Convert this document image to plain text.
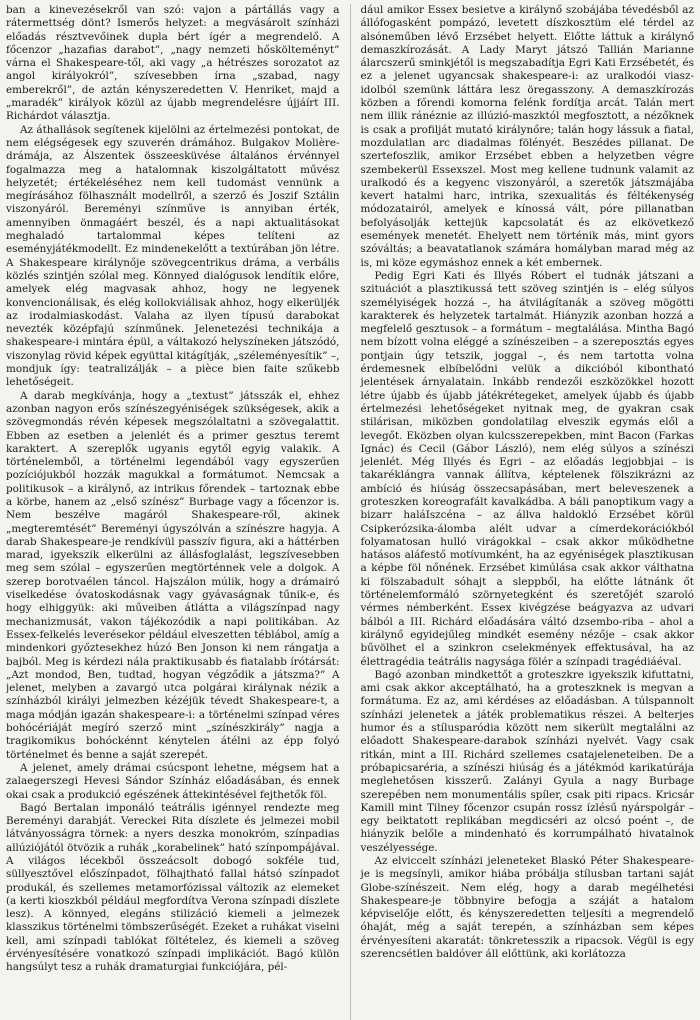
ban a kinevezésekről van szó: vajon a pártállás vagy a rátermettség dönt? Ismerős helyzet: a megvásárolt színházi előadás résztvevőinek dupla bért ígér a megrendelő. A főcenzor „hazafias darabot”, „nagy nemzeti hőskölteményt” várna el Shakespeare-től, aki vagy „a hétrészes sorozatot az angol királyokról”, szívesebben írna „szabad, nagy emberekről”, de aztán kényszeredetten V. Henriket, majd a „maradék” királyok közül az újabb megrendelésre újjáírt III. Richárdot választja.

Az áthallások segítenek kijelölni az értelmezési pontokat, de nem elégségesek egy szuverén drámához. Bulgakov Molière-drámája, az Álszentek összeesküvése általános érvénnyel fogalmazza meg a hatalomnak kiszolgáltatott művész helyzetét; értékeléséhez nem kell tudomást vennünk a megírásához fölhasznált modellről, a szerző és Joszif Sztálin viszonyáról. Bereményi színműve is annyiban érték, amennyiben önmagáért beszél, és a napi aktualitásokat meghaladó tartalommal képes telíteni az eseményjátékmodellt. Ez mindenekelőtt a textúrában jön létre. A Shakespeare királynője szövegcentrikus dráma, a verbális közlés szintjén szólal meg. Könnyed dialógusok lendítik előre, amelyek elég magvasak ahhoz, hogy ne legyenek konvencionálisak, és elég kollokviálisak ahhoz, hogy elkerüljék az irodalmiaskodást. Valaha az ilyen típusú darabokat nevezték középfajú színműnek. Jelenetezési technikája a shakespeare-i mintára épül, a váltakozó helyszíneken játszódó, viszonylag rövid képek együttal kitágítják, „széleményesítik” –, mondjuk így: teatralizálják – a pièce bien faite szűkebb lehetőségeit.

A darab megkívánja, hogy a „textust” játsszák el, ehhez azonban nagyon erős színészegyéniségek szükségesek, akik a szövegmondás révén képesek megszólaltatni a szövegalattit. Ebben az esetben a jelenlét és a primer gesztus teremt karaktert. A szereplők ugyanis egytől egyig valakik. A történelemből, a történelmi legendából vagy egyszerűen pozíciójukból hozzák magukkal a formátumot. Nemcsak a politikusok – a királynő, az intrikus főrendek – tartoznak ebbe a körbe, hanem az „első színész” Burbage vagy a főcenzor is. Nem beszélve magáról Shakespeare-ről, akinek „megteremtését” Bereményi úgyszólván a színészre hagyja. A darab Shakespeare-je rendkívül passzív figura, aki a háttérben marad, igyekszik elkerülni az állásfoglalást, legszívesebben meg sem szólal – egyszerűen megtörténnek vele a dolgok. A szerep borotvaélen táncol. Hajszálon múlik, hogy a drámairó viselkedése óvatoskodásnak vagy gyávaságnak tűnik-e, és hogy elhiggyük: aki műveiben átlátta a világszínpad nagy mechanizmusát, vakon tájékozódik a napi politikában. Az Essex-felkelés leverésekor például elveszetten téblábol, amíg a mindenkori győztesekhez húzó Ben Jonson ki nem rángatja a bajból. Meg is kérdezi nála praktikusabb és fiatalabb írótársát: „Azt mondod, Ben, tudtad, hogyan végződik a játszma?” A jelenet, melyben a zavargó utca polgárai királynak nézik a színházból királyi jelmezben kézéjük tévedt Shakespeare-t, a maga módján igazán shakespeare-i: a történelmi színpad véres bohócériáját megíró szerző mint „színészkirály” nagja a tragikomikus bohóckénnt kénytelen átélni az épp folyó történelmet és benne a saját szerepét.

A jelenet, amely drámai csúcspont lehetne, mégsem hat a zalaegerszegi Hevesi Sándor Színház előadásában, és ennek okai csak a produkció egészének áttekintésével fejthetők föl.

Bagó Bertalan imponáló teátrális igénnyel rendezte meg Bereményi darabját. Vereckei Rita díszlete és jelmezei mobil látványosságra törnek: a nyers deszka monokróm, színpadias allúziójától ötvözik a ruhák „korabelinek” ható színpompájával. A világos lécekből összeácsolt dobogó sokféle tud, süllyesztővel előszínpadot, fölhajtható fallal hátsó színpadot produkál, és szellemes metamorfózissal változik az elemeket (a kerti kioszkból például megfordítva Verona színpadi díszlete lesz). A könnyed, elegáns stilizáció kiemeli a jelmezek klasszikus történelmi tömbszerűségét. Ezeket a ruhákat viselni kell, ami színpadi tablókat föltételez, és kiemeli a szöveg érvényesítésére vonatkozó színpadi implikációt. Bagó külön hangsúlyt tesz a ruhák dramaturgiai funkciójára, pél-

dául amikor Essex besietve a királynő szobájába tévedésből az állófogasként pompázó, levetett díszkosztüm elé térdel az alsóneműben lévő Erzsébet helyett. Előtte láttuk a királynő demaszkírozását. A Lady Maryt játszó Tallián Marianne álarcszerű sminkjétől is megszabadítja Egri Kati Erzsébetét, és ez a jelenet ugyancsak shakespeare-i: az uralkodói viasz-idolból szemünk láttára lesz öregasszony. A demaszkírozás közben a főrendi komorna felénk fordítja arcát. Talán mert nem illik ránéznie az illúzió-maszktól megfosztott, a nézőknek is csak a profilját mutató királynőre; talán hogy lássuk a fiatal, mozdulatlan arc diadalmas fölényét. Beszédes pillanat. De szertefoszlik, amikor Erzsébet ebben a helyzetben végre szembekerül Essexszel. Most meg kellene tudnunk valamit az uralkodó és a kegyenc viszonyáról, a szeretők játszmájába kevert hatalmi harc, intrika, szexualitás és féltékenység módozatairól, amelyek e kínossá vált, póre pillanatban befolyásolják kettejük kapcsolatát és az elkövetkező események menetét. Ehelyett nem történik más, mint gyors szóváltás; a beavatatlanok számára homályban marad még az is, mi köze egymáshoz ennek a két embernek.

Pedig Egri Kati és Illyés Róbert el tudnák játszani a szituációt a plasztikussá tett szöveg szintjén is – elég súlyos személyiségek hozzá –, ha átvilágítanák a szöveg mögötti karakterek és helyzetek tartalmát. Hiányzik azonban hozzá a megfelelő gesztusok – a formátum – megtalálása. Mintha Bagó nem bízott volna eléggé a színészeiben – a szereposztás egyes pontjain úgy tetszik, joggal –, és nem tartotta volna érdemesnek elbíbelődni velük a dikcióból kibontható jelentések árnyalatain. Inkább rendezői eszközökkel hozott létre újabb és újabb játékrétegeket, amelyek újabb és újabb értelmezési lehetőségeket nyitnak meg, de gyakran csak stilárisan, miközben gondolatilag elveszik egymás elől a levegőt. Eközben olyan kulcsszerepekben, mint Bacon (Farkas Ignác) és Cecil (Gábor László), nem elég súlyos a színészi jelenlét. Még Illyés és Egri – az előadás legjobbjai – is takaréklángra vannak állítva, képtelenek fölszikrázni az ambíció és hiúság összecsapásában, mert beleveszenek a groteszken koreografált kavalkádba. A báli panoptikum vagy a bizarr haláIszcéna – az állva haldokló Erzsébet körül Csipkerózsika-álomba alélt udvar a címerdekorációkból folyamatosan hulló virágokkal – csak akkor működhetne hatásos aláfestő motívumként, ha az egyéniségek plasztikusan a képbe föl nőnének. Erzsébet kimúlása csak akkor válthatna ki fölszabadult sóhajt a sleppből, ha előtte látnánk őt történelemformáló szörnyetegként és szeretőjét szaroló vérmes némberként. Essex kivégzése beágyazva az udvari bálból a III. Richárd előadására váltó dzsembo-riba – ahol a királynő egyidejűleg mindkét esemény nézője – csak akkor bűvölhet el a szinkron cselekmények effektusával, ha az élettragédia teátrális nagysága fölér a színpadi tragédiáéval.

Bagó azonban mindkettőt a groteszkre igyekszik kifuttatni, ami csak akkor akceptálható, ha a groteszknek is megvan a formátuma. Ez az, ami kérdéses az előadásban. A túlspannolt színházi jelenetek a játék problematikus részei. A belterjes humor és a stílusparódia között nem sikerült megtalálni az előadott Shakespeare-darabok színházi nyelvét. Vagy csak ritkán, mint a III. Richárd szellemes csatajeleneteiben. De a próbapicsaréria, a színészi hiúság és a játékmód karikatúrája meglehetősen kisszerű. Zalányi Gyula a nagy Burbage szerepében nem monumentális spíler, csak piti ripacs. Kricsár Kamill mint Tilney főcenzor csupán rossz ízlésű nyárspolgár – egy beiktatott replikában megdicséri az olcsó poént –, de hiányzik belőle a mindenható és korrumpálható hivatalnok veszélyessége.

Az elviccelt színházi jeleneteket Blaskó Péter Shakespeare-je is megsínyli, amikor hiába próbálja stílusban tartani saját Globe-színészeit. Nem elég, hogy a darab megélhetési Shakespeare-je többnyire befogja a száját a hatalom képviselője előtt, és kényszeredetten teljesíti a megrendelő óhaját, még a saját terepén, a színházban sem képes érvényesíteni akaratát: tönkretesszik a ripacsok. Végül is egy szerencsétlen baldóver áll előttünk, aki korlátozza
